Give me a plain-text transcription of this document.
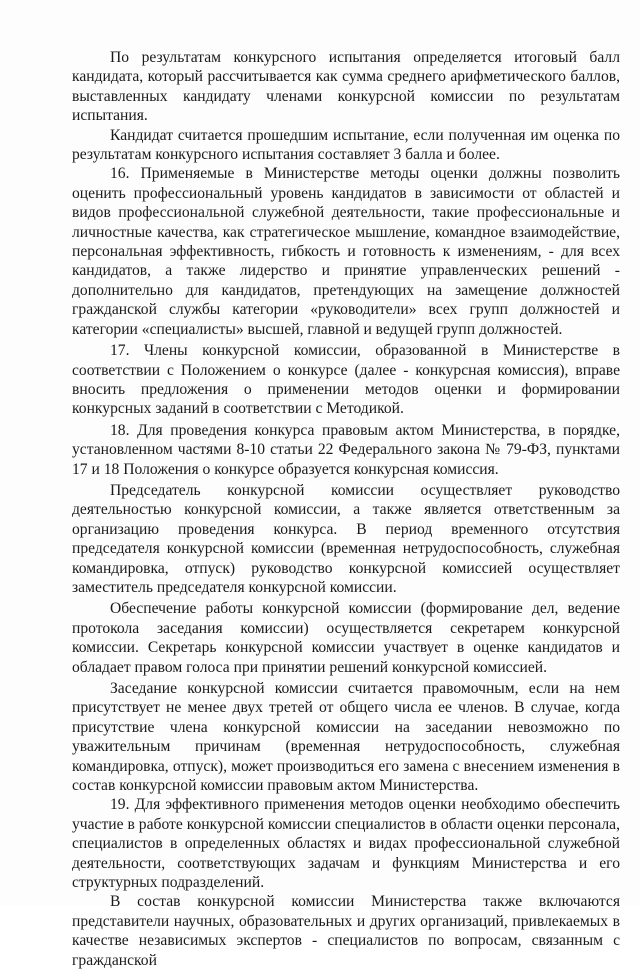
По результатам конкурсного испытания определяется итоговый балл кандидата, который рассчитывается как сумма среднего арифметического баллов, выставленных кандидату членами конкурсной комиссии по результатам испытания.

Кандидат считается прошедшим испытание, если полученная им оценка по результатам конкурсного испытания составляет 3 балла и более.

16. Применяемые в Министерстве методы оценки должны позволить оценить профессиональный уровень кандидатов в зависимости от областей и видов профессиональной служебной деятельности, такие профессиональные и личностные качества, как стратегическое мышление, командное взаимодействие, персональная эффективность, гибкость и готовность к изменениям, - для всех кандидатов, а также лидерство и принятие управленческих решений - дополнительно для кандидатов, претендующих на замещение должностей гражданской службы категории «руководители» всех групп должностей и категории «специалисты» высшей, главной и ведущей групп должностей.

17. Члены конкурсной комиссии, образованной в Министерстве в соответствии с Положением о конкурсе (далее - конкурсная комиссия), вправе вносить предложения о применении методов оценки и формировании конкурсных заданий в соответствии с Методикой.

18. Для проведения конкурса правовым актом Министерства, в порядке, установленном частями 8-10 статьи 22 Федерального закона № 79-ФЗ, пунктами 17 и 18 Положения о конкурсе образуется конкурсная комиссия.

Председатель конкурсной комиссии осуществляет руководство деятельностью конкурсной комиссии, а также является ответственным за организацию проведения конкурса. В период временного отсутствия председателя конкурсной комиссии (временная нетрудоспособность, служебная командировка, отпуск) руководство конкурсной комиссией осуществляет заместитель председателя конкурсной комиссии.

Обеспечение работы конкурсной комиссии (формирование дел, ведение протокола заседания комиссии) осуществляется секретарем конкурсной комиссии. Секретарь конкурсной комиссии участвует в оценке кандидатов и обладает правом голоса при принятии решений конкурсной комиссией.

Заседание конкурсной комиссии считается правомочным, если на нем присутствует не менее двух третей от общего числа ее членов. В случае, когда присутствие члена конкурсной комиссии на заседании невозможно по уважительным причинам (временная нетрудоспособность, служебная командировка, отпуск), может производиться его замена с внесением изменения в состав конкурсной комиссии правовым актом Министерства.

19. Для эффективного применения методов оценки необходимо обеспечить участие в работе конкурсной комиссии специалистов в области оценки персонала, специалистов в определенных областях и видах профессиональной служебной деятельности, соответствующих задачам и функциям Министерства и его структурных подразделений.

В состав конкурсной комиссии Министерства также включаются представители научных, образовательных и других организаций, привлекаемых в качестве независимых экспертов - специалистов по вопросам, связанным с гражданской
